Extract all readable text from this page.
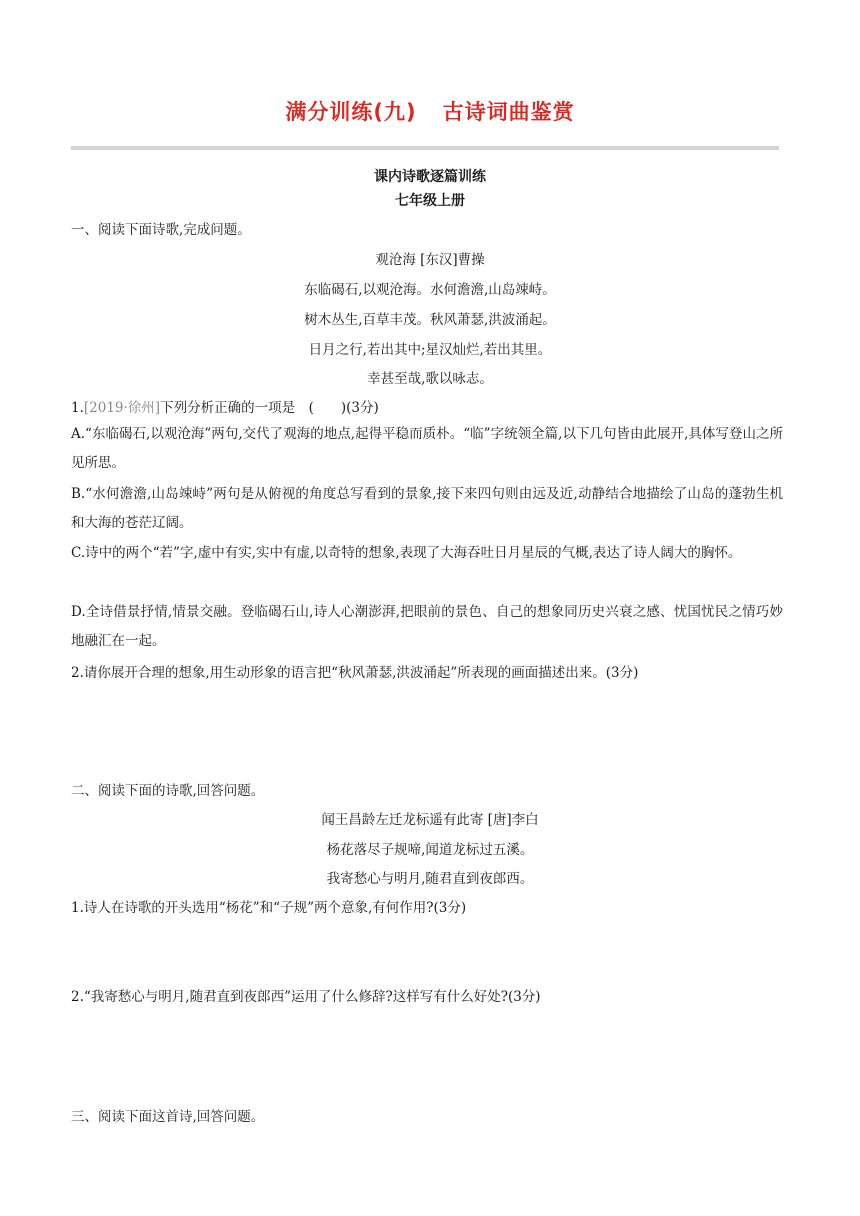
满分训练(九) 古诗词曲鉴赏
课内诗歌逐篇训练
七年级上册
一、阅读下面诗歌,完成问题。
观沧海 [东汉]曹操
东临碣石,以观沧海。水何澹澹,山岛竦峙。
树木丛生,百草丰茂。秋风萧瑟,洪波涌起。
日月之行,若出其中;星汉灿烂,若出其里。
幸甚至哉,歌以咏志。
1.[2019·徐州]下列分析正确的一项是　(　　)(3分)
A.“东临碣石,以观沧海”两句,交代了观海的地点,起得平稳而质朴。“临”字统领全篇,以下几句皆由此展开,具体写登山之所见所思。
B.“水何澹澹,山岛竦峙”两句是从俯视的角度总写看到的景象,接下来四句则由远及近,动静结合地描绘了山岛的蓬勃生机和大海的苍茫辽阔。
C.诗中的两个“若”字,虚中有实,实中有虚,以奇特的想象,表现了大海吞吐日月星辰的气概,表达了诗人阔大的胸怀。
D.全诗借景抒情,情景交融。登临碣石山,诗人心潮澎湃,把眼前的景色、自己的想象同历史兴衰之感、忧国忧民之情巧妙地融汇在一起。
2.请你展开合理的想象,用生动形象的语言把“秋风萧瑟,洪波涌起”所表现的画面描述出来。(3分)
二、阅读下面的诗歌,回答问题。
闻王昌龄左迁龙标遥有此寄 [唐]李白
杨花落尽子规啼,闻道龙标过五溪。
我寄愁心与明月,随君直到夜郎西。
1.诗人在诗歌的开头选用“杨花”和“子规”两个意象,有何作用?(3分)
2.“我寄愁心与明月,随君直到夜郎西”运用了什么修辞?这样写有什么好处?(3分)
三、阅读下面这首诗,回答问题。
